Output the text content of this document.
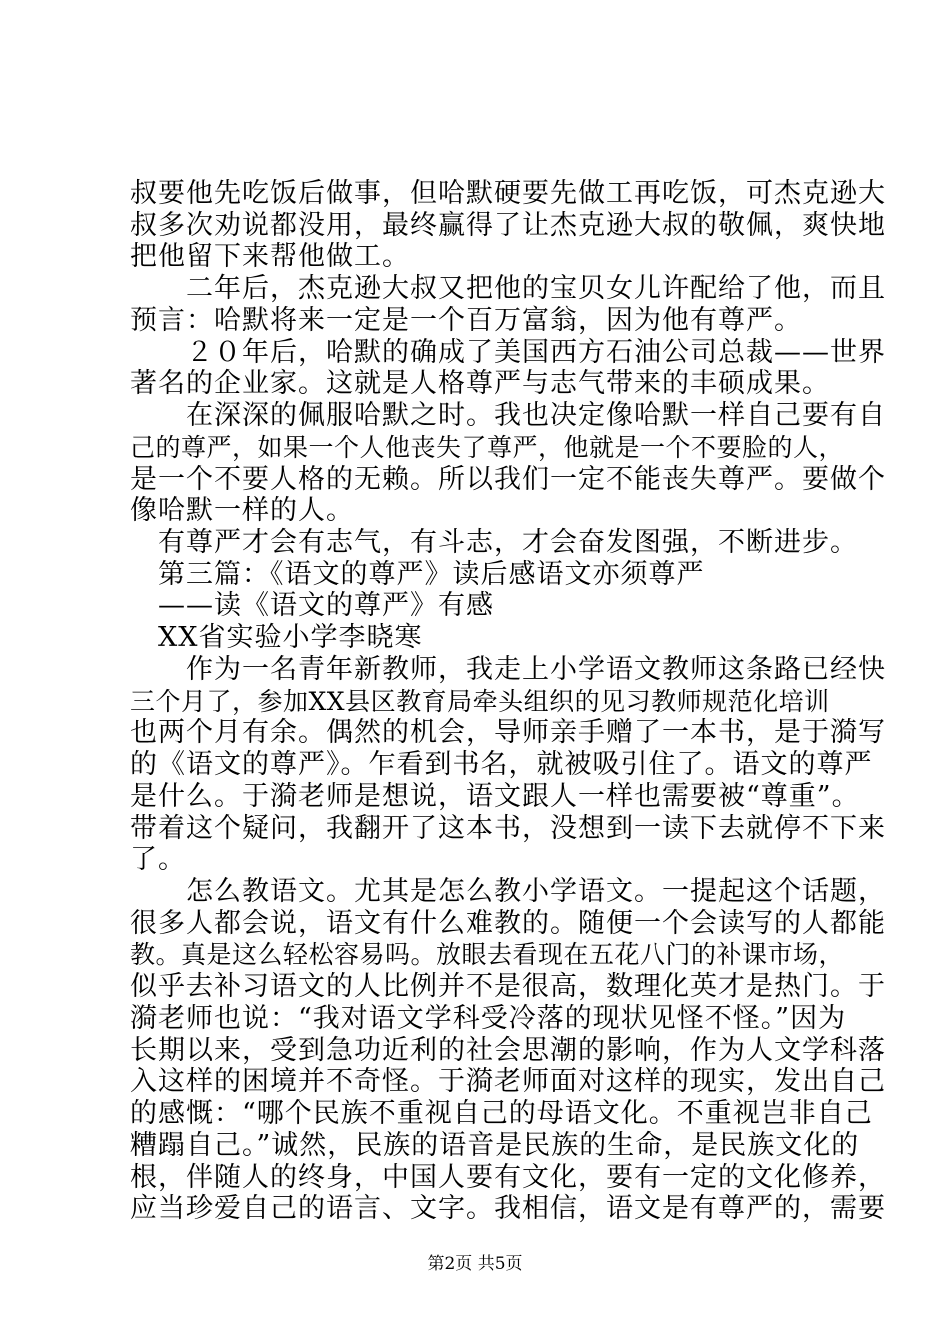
叔要他先吃饭后做事，但哈默硬要先做工再吃饭，可杰克逊大
叔多次劝说都没用，最终赢得了让杰克逊大叔的敬佩，爽快地
把他留下来帮他做工。
　　二年后，杰克逊大叔又把他的宝贝女儿许配给了他，而且
预言：哈默将来一定是一个百万富翁，因为他有尊严。
　　２０年后，哈默的确成了美国西方石油公司总裁——世界
著名的企业家。这就是人格尊严与志气带来的丰硕成果。
　　在深深的佩服哈默之时。我也决定像哈默一样自己要有自
己的尊严，如果一个人他丧失了尊严，他就是一个不要脸的人，
是一个不要人格的无赖。所以我们一定不能丧失尊严。要做个
像哈默一样的人。
　有尊严才会有志气，有斗志，才会奋发图强，不断进步。
　第三篇：《语文的尊严》读后感语文亦须尊严
　——读《语文的尊严》有感
　XX省实验小学李晓寒
　　作为一名青年新教师，我走上小学语文教师这条路已经快
三个月了，参加XX县区教育局牵头组织的见习教师规范化培训
也两个月有余。偶然的机会，导师亲手赠了一本书，是于漪写
的《语文的尊严》。乍看到书名，就被吸引住了。语文的尊严
是什么。于漪老师是想说，语文跟人一样也需要被“尊重”。
带着这个疑问，我翻开了这本书，没想到一读下去就停不下来
了。
　　怎么教语文。尤其是怎么教小学语文。一提起这个话题，
很多人都会说，语文有什么难教的。随便一个会读写的人都能
教。真是这么轻松容易吗。放眼去看现在五花八门的补课市场，
似乎去补习语文的人比例并不是很高，数理化英才是热门。于
漪老师也说：“我对语文学科受冷落的现状见怪不怪。”因为
长期以来，受到急功近利的社会思潮的影响，作为人文学科落
入这样的困境并不奇怪。于漪老师面对这样的现实，发出自己
的感慨：“哪个民族不重视自己的母语文化。不重视岂非自己
糟蹋自己。”诚然，民族的语音是民族的生命，是民族文化的
根，伴随人的终身，中国人要有文化，要有一定的文化修养，
应当珍爱自己的语言、文字。我相信，语文是有尊严的，需要
第2页 共5页
